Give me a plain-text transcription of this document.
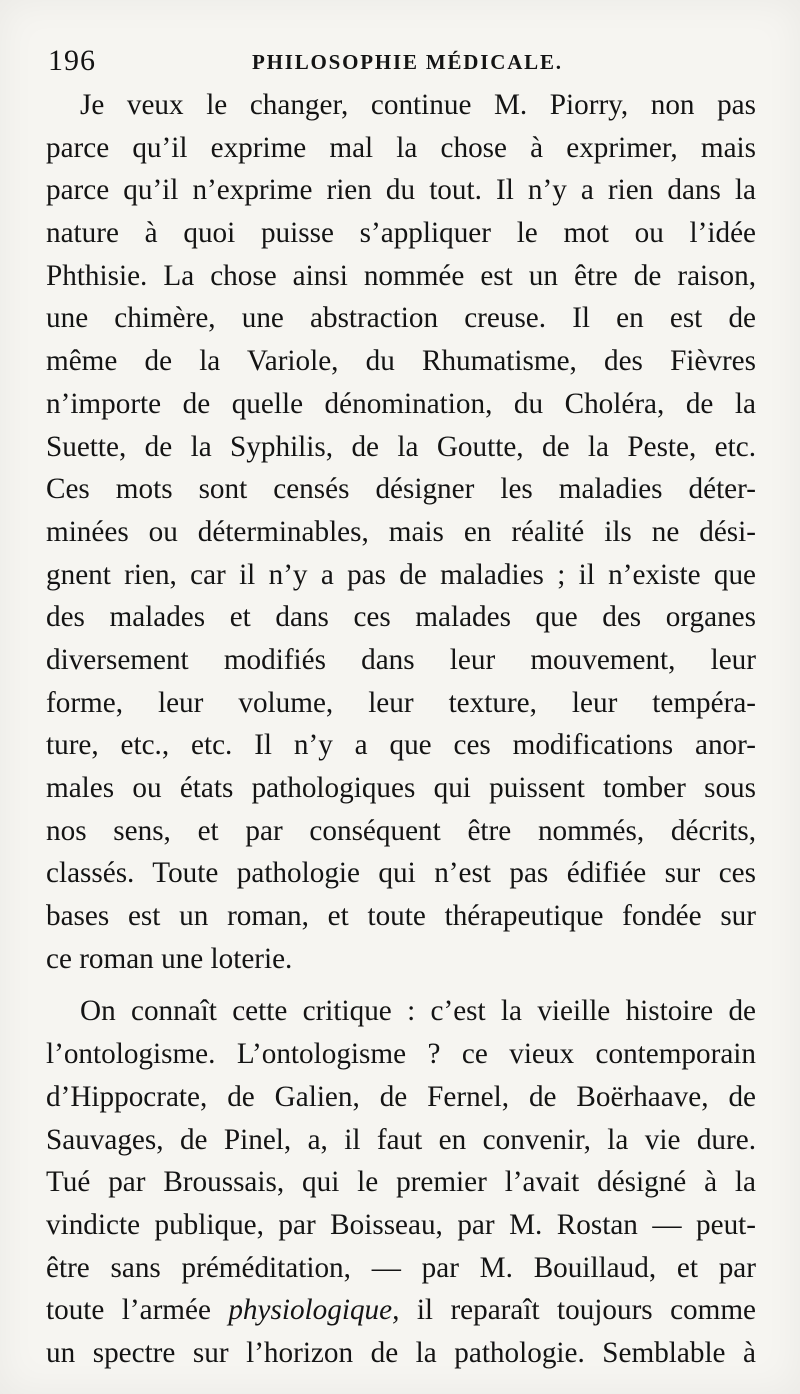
196	PHILOSOPHIE MÉDICALE.
Je veux le changer, continue M. Piorry, non pas
parce qu’il exprime mal la chose à exprimer, mais
parce qu’il n’exprime rien du tout. Il n’y a rien dans la
nature à quoi puisse s’appliquer le mot ou l’idée
Phthisie. La chose ainsi nommée est un être de raison,
une chimère, une abstraction creuse. Il en est de
même de la Variole, du Rhumatisme, des Fièvres
n’importe de quelle dénomination, du Choléra, de la
Suette, de la Syphilis, de la Goutte, de la Peste, etc.
Ces mots sont censés désigner les maladies déter-
minées ou déterminables, mais en réalité ils ne dési-
gnent rien, car il n’y a pas de maladies ; il n’existe que
des malades et dans ces malades que des organes
diversement modifiés dans leur mouvement, leur
forme, leur volume, leur texture, leur tempéra-
ture, etc., etc. Il n’y a que ces modifications anor-
males ou états pathologiques qui puissent tomber sous
nos sens, et par conséquent être nommés, décrits,
classés. Toute pathologie qui n’est pas édifiée sur ces
bases est un roman, et toute thérapeutique fondée sur
ce roman une loterie.
On connaît cette critique : c’est la vieille histoire de
l’ontologisme. L’ontologisme ? ce vieux contemporain
d’Hippocrate, de Galien, de Fernel, de Boërhaave, de
Sauvages, de Pinel, a, il faut en convenir, la vie dure.
Tué par Broussais, qui le premier l’avait désigné à la
vindicte publique, par Boisseau, par M. Rostan — peut-
être sans préméditation, — par M. Bouillaud, et par
toute l’armée physiologique, il reparaît toujours comme
un spectre sur l’horizon de la pathologie. Semblable à
